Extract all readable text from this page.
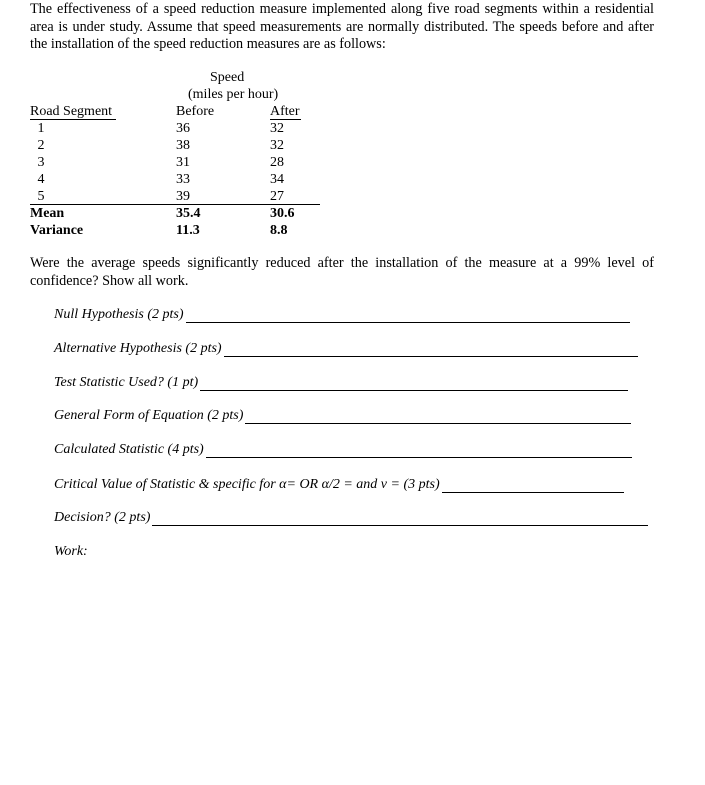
The effectiveness of a speed reduction measure implemented along five road segments within a residential area is under study. Assume that speed measurements are normally distributed. The speeds before and after the installation of the speed reduction measures are as follows:

Speed
(miles per hour)
Road Segment	Before	After
1	36	32
2	38	32
3	31	28
4	33	34
5	39	27
Mean	35.4	30.6
Variance	11.3	8.8

Were the average speeds significantly reduced after the installation of the measure at a 99% level of confidence? Show all work.

Null Hypothesis (2 pts)
Alternative Hypothesis (2 pts)
Test Statistic Used? (1 pt)
General Form of Equation (2 pts)
Calculated Statistic (4 pts)
Critical Value of Statistic & specific for α= OR α/2 = and ν = (3 pts)
Decision? (2 pts)
Work:
